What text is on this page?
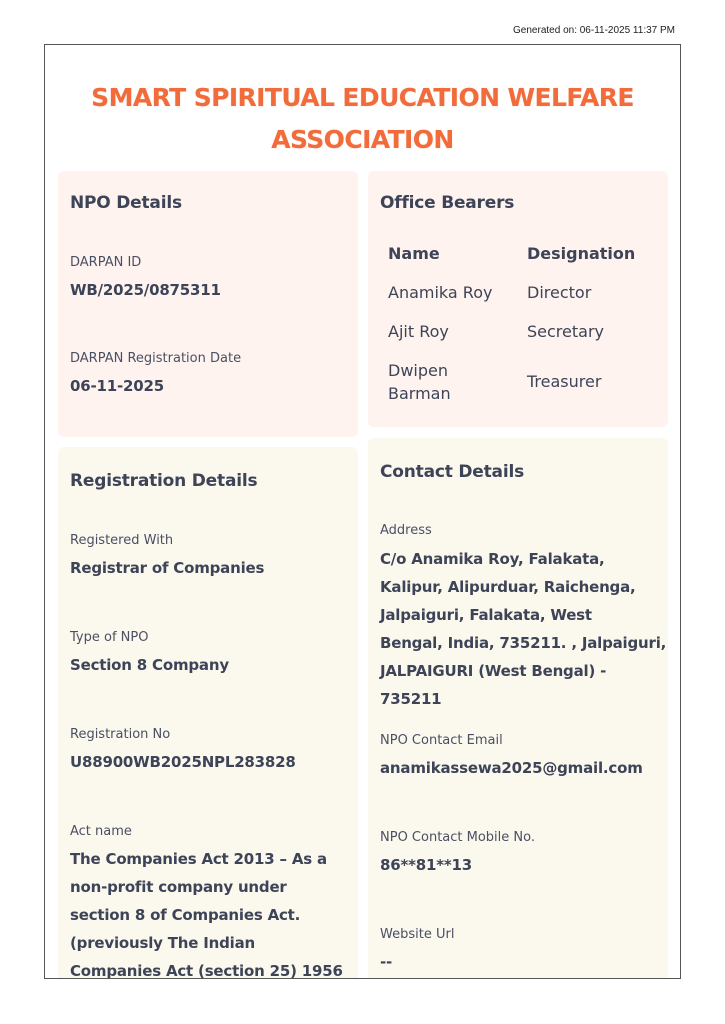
Generated on: 06-11-2025 11:37 PM
SMART SPIRITUAL EDUCATION WELFARE
ASSOCIATION
NPO Details
DARPAN ID
WB/2025/0875311
DARPAN Registration Date
06-11-2025
Office Bearers
Name	Designation
Anamika Roy Director
Ajit Roy	Secretary
Dwipen
Barman
Treasurer
Registration Details
Registered With
Registrar of Companies
Type of NPO
Section 8 Company
Registration No
U88900WB2025NPL283828
Act name
The Companies Act 2013 – As a
non-profit company under
section 8 of Companies Act.
(previously The Indian
Companies Act (section 25) 1956
Contact Details
Address
C/o Anamika Roy, Falakata,
Kalipur, Alipurduar, Raichenga,
Jalpaiguri, Falakata, West
Bengal, India, 735211. , Jalpaiguri,
JALPAIGURI (West Bengal) - 735211
NPO Contact Email
anamikassewa2025@gmail.com
NPO Contact Mobile No.
86**81**13
Website Url
--
